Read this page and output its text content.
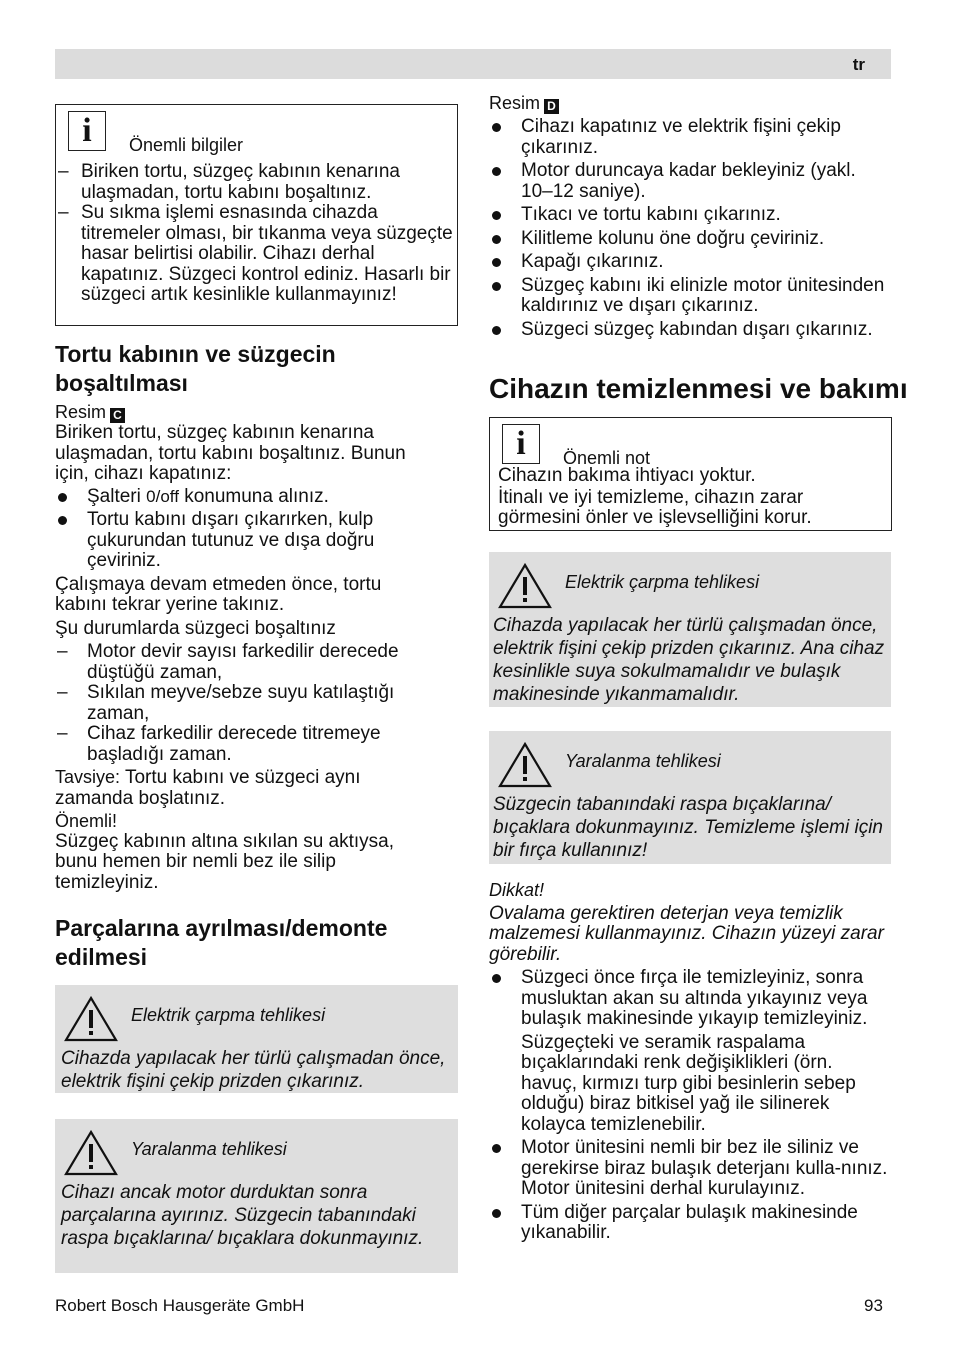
tr
i	Önemli bilgiler
– Biriken tortu, süzgeç kabının kenarına ulaşmadan, tortu kabını boşaltınız.
– Su sıkma işlemi esnasında cihazda titremeler olması, bir tıkanma veya süzgeçte hasar belirtisi olabilir. Cihazı derhal kapatınız. Süzgeci kontrol ediniz. Hasarlı bir süzgeci artık kesinlikle kullanmayınız!
Tortu kabının ve süzgecin boşaltılması
Resim C

Biriken tortu, süzgeç kabının kenarına ulaşmadan, tortu kabını boşaltınız. Bunun için, cihazı kapatınız:

Şalteri 0/off konumuna alınız.
Tortu kabını dışarı çıkarırken, kulp çukurundan tutunuz ve dışa doğru çeviriniz.

Çalışmaya devam etmeden önce, tortu kabını tekrar yerine takınız.

Şu durumlarda süzgeci boşaltınız

– Motor devir sayısı farkedilir derecede düştüğü zaman,
– Sıkılan meyve/sebze suyu katılaştığı zaman,
– Cihaz farkedilir derecede titremeye başladığı zaman.

Tavsiye: Tortu kabını ve süzgeci aynı zamanda boşlatınız.

Önemli!

Süzgeç kabının altına sıkılan su aktıysa, bunu hemen bir nemli bez ile silip temizleyiniz.

Parçalarına ayrılması/demonte edilmesi
Elektrik çarpma tehlikesi
Cihazda yapılacak her türlü çalışmadan önce, elektrik fişini çekip prizden çıkarınız.
Yaralanma tehlikesi
Cihazı ancak motor durduktan sonra parçalarına ayırınız. Süzgecin tabanındaki raspa bıçaklarına/ bıçaklara dokunmayınız.
Resim D
Cihazı kapatınız ve elektrik fişini çekip çıkarınız.
Motor duruncaya kadar bekleyiniz (yakl. 10–12 saniye).
Tıkacı ve tortu kabını çıkarınız.
Kilitleme kolunu öne doğru çeviriniz.
Kapağı çıkarınız.
Süzgeç kabını iki elinizle motor ünitesinden kaldırınız ve dışarı çıkarınız.
Süzgeci süzgeç kabından dışarı çıkarınız.
Cihazın temizlenmesi ve bakımı
i	Önemli not

Cihazın bakıma ihtiyacı yoktur.

İtinalı ve iyi temizleme, cihazın zarar görmesini önler ve işlevselliğini korur.

Elektrik çarpma tehlikesi
Cihazda yapılacak her türlü çalışmadan önce, elektrik fişini çekip prizden çıkarınız. Ana cihaz kesinlikle suya sokulmamalıdır ve bulaşık makinesinde yıkanmamalıdır.
Yaralanma tehlikesi
Süzgecin tabanındaki raspa bıçaklarına/ bıçaklara dokunmayınız. Temizleme işlemi için bir fırça kullanınız!

Dikkat!

Ovalama gerektiren deterjan veya temizlik malzemesi kullanmayınız. Cihazın yüzeyi zarar görebilir.

Süzgeci önce fırça ile temizleyiniz, sonra musluktan akan su altında yıkayınız veya bulaşık makinesinde yıkayıp temizleyiniz.

Süzgeçteki ve seramik raspalama bıçaklarındaki renk değişiklikleri (örn. havuç, kırmızı turp gibi besinlerin sebep olduğu) biraz bitkisel yağ ile silinerek kolayca temizlenebilir.

Motor ünitesini nemli bir bez ile siliniz ve gerekirse biraz bulaşık deterjanı kulla-nınız. Motor ünitesini derhal kurulayınız.
Tüm diğer parçalar bulaşık makinesinde yıkanabilir.
Robert Bosch Hausgeräte GmbH	93
